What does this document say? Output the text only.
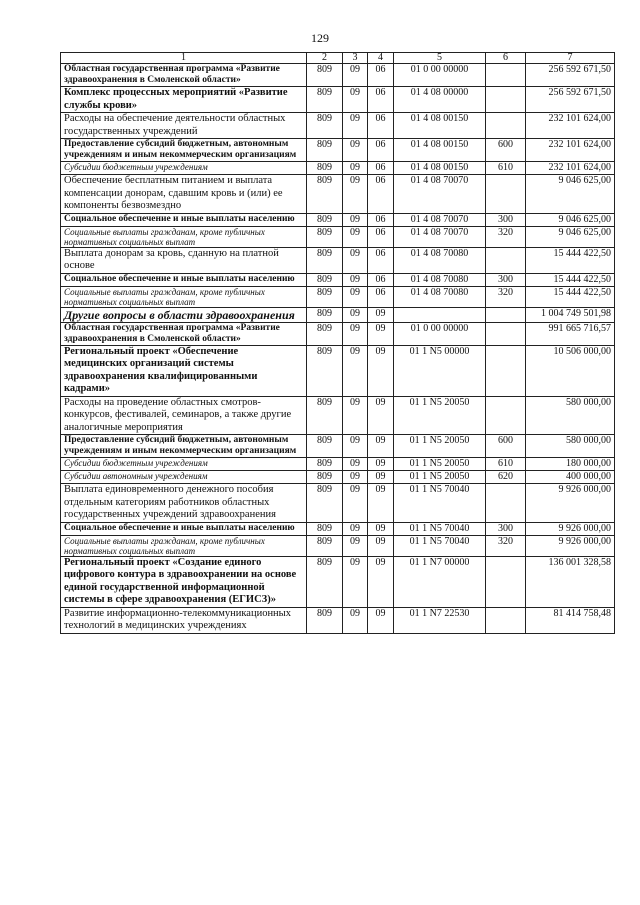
129
1	2	3	4	5	6	7
Областная государственная программа «Развитие здравоохранения в Смоленской области»	809	09	06	01 0 00 00000		256 592 671,50
Комплекс процессных мероприятий «Развитие службы крови»	809	09	06	01 4 08 00000		256 592 671,50
Расходы на обеспечение деятельности областных государственных учреждений	809	09	06	01 4 08 00150		232 101 624,00
Предоставление субсидий бюджетным, автономным учреждениям и иным некоммерческим организациям	809	09	06	01 4 08 00150	600	232 101 624,00
Субсидии бюджетным учреждениям	809	09	06	01 4 08 00150	610	232 101 624,00
Обеспечение бесплатным питанием и выплата компенсации донорам, сдавшим кровь и (или) ее компоненты безвозмездно	809	09	06	01 4 08 70070		9 046 625,00
Социальное обеспечение и иные выплаты населению	809	09	06	01 4 08 70070	300	9 046 625,00
Социальные выплаты гражданам, кроме публичных нормативных социальных выплат	809	09	06	01 4 08 70070	320	9 046 625,00
Выплата донорам за кровь, сданную на платной основе	809	09	06	01 4 08 70080		15 444 422,50
Социальное обеспечение и иные выплаты населению	809	09	06	01 4 08 70080	300	15 444 422,50
Социальные выплаты гражданам, кроме публичных нормативных социальных выплат	809	09	06	01 4 08 70080	320	15 444 422,50
Другие вопросы в области здравоохранения	809	09	09			1 004 749 501,98
Областная государственная программа «Развитие здравоохранения в Смоленской области»	809	09	09	01 0 00 00000		991 665 716,57
Региональный проект «Обеспечение медицинских организаций системы здравоохранения квалифицированными кадрами»	809	09	09	01 1 N5 00000		10 506 000,00
Расходы на проведение областных смотров-конкурсов, фестивалей, семинаров, а также другие аналогичные мероприятия	809	09	09	01 1 N5 20050		580 000,00
Предоставление субсидий бюджетным, автономным учреждениям и иным некоммерческим организациям	809	09	09	01 1 N5 20050	600	580 000,00
Субсидии бюджетным учреждениям	809	09	09	01 1 N5 20050	610	180 000,00
Субсидии автономным учреждениям	809	09	09	01 1 N5 20050	620	400 000,00
Выплата единовременного денежного пособия отдельным категориям работников областных государственных учреждений здравоохранения	809	09	09	01 1 N5 70040		9 926 000,00
Социальное обеспечение и иные выплаты населению	809	09	09	01 1 N5 70040	300	9 926 000,00
Социальные выплаты гражданам, кроме публичных нормативных социальных выплат	809	09	09	01 1 N5 70040	320	9 926 000,00
Региональный проект «Создание единого цифрового контура в здравоохранении на основе единой государственной информационной системы в сфере здравоохранения (ЕГИСЗ)»	809	09	09	01 1 N7 00000		136 001 328,58
Развитие информационно-телекоммуникационных технологий в медицинских учреждениях	809	09	09	01 1 N7 22530		81 414 758,48
